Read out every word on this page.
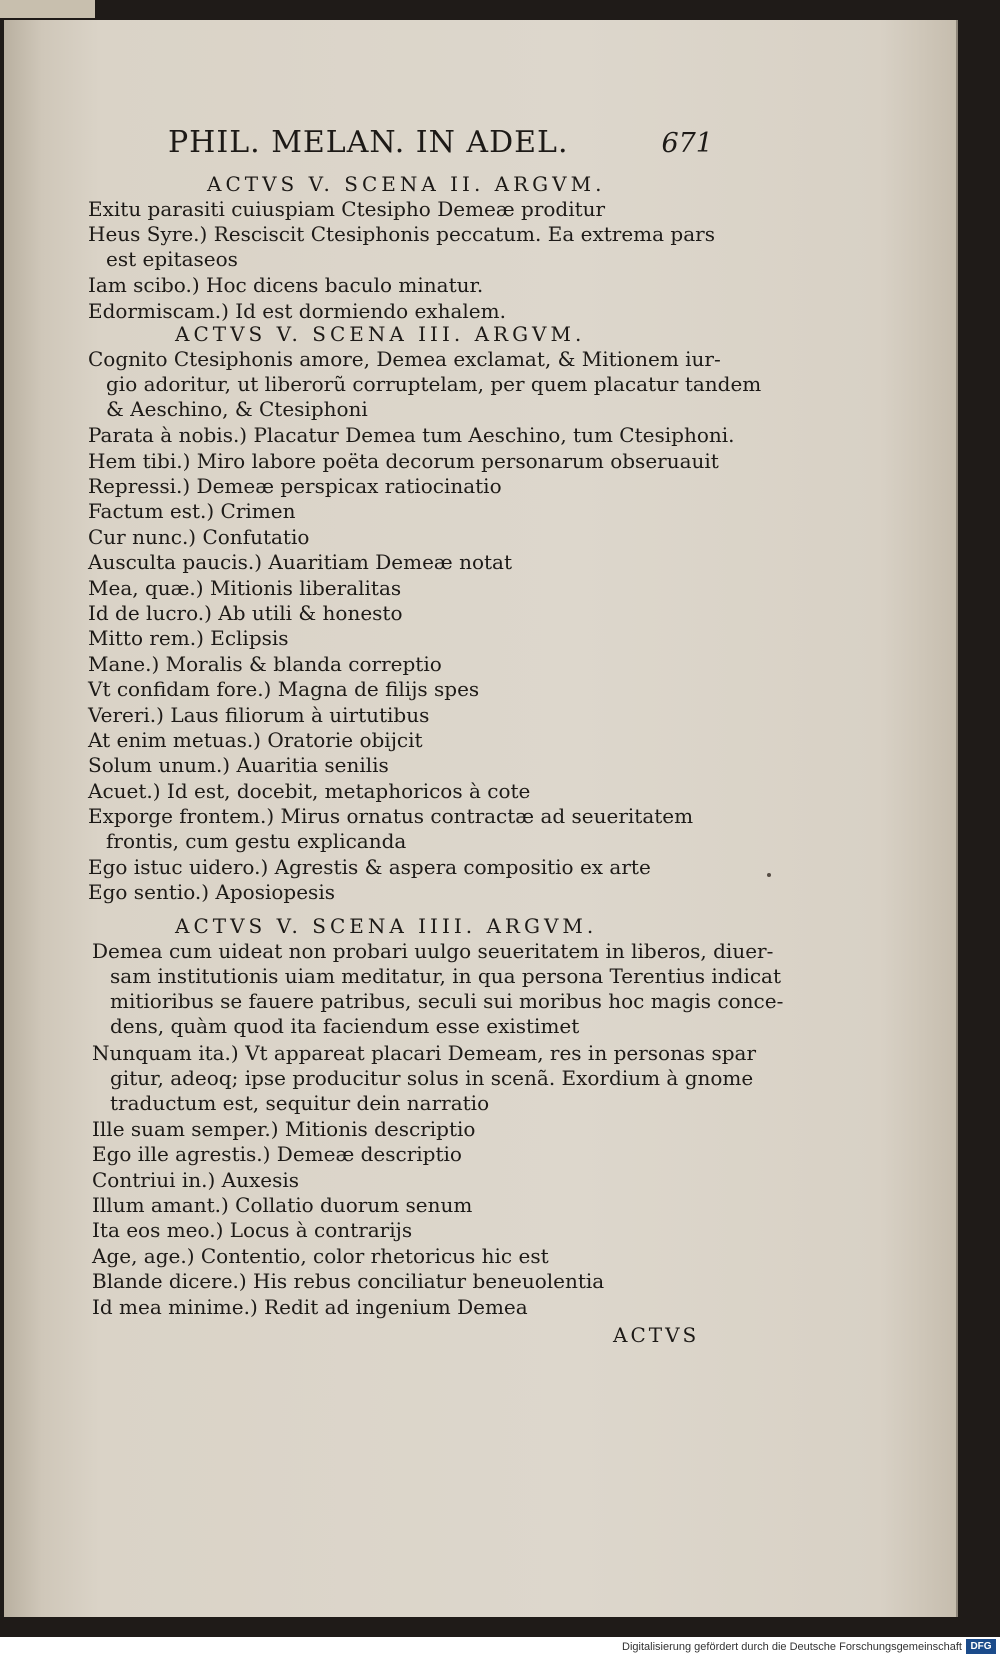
PHIL. MELAN. IN ADEL.	671
ACTVS V. SCENA II. ARGVM.
Exitu parasiti cuiuspiam Ctesipho Demeæ proditur
Heus Syre.) Resciscit Ctesiphonis peccatum. Ea extrema pars
est epitaseos
Iam scibo.) Hoc dicens baculo minatur.
Edormiscam.) Id est dormiendo exhalem.
ACTVS V. SCENA III. ARGVM.
Cognito Ctesiphonis amore, Demea exclamat, & Mitionem iur-
gio adoritur, ut liberorũ corruptelam, per quem placatur tandem
& Aeschino, & Ctesiphoni
Parata à nobis.) Placatur Demea tum Aeschino, tum Ctesiphoni.
Hem tibi.) Miro labore poëta decorum personarum obseruauit
Repressi.) Demeæ perspicax ratiocinatio
Factum est.) Crimen
Cur nunc.) Confutatio
Ausculta paucis.) Auaritiam Demeæ notat
Mea, quæ.) Mitionis liberalitas
Id de lucro.) Ab utili & honesto
Mitto rem.) Eclipsis
Mane.) Moralis & blanda correptio
Vt confidam fore.) Magna de filijs spes
Vereri.) Laus filiorum à uirtutibus
At enim metuas.) Oratorie obijcit
Solum unum.) Auaritia senilis
Acuet.) Id est, docebit, metaphoricos à cote
Exporge frontem.) Mirus ornatus contractæ ad seueritatem
frontis, cum gestu explicanda
Ego istuc uidero.) Agrestis & aspera compositio ex arte
Ego sentio.) Aposiopesis
ACTVS V. SCENA IIII. ARGVM.
Demea cum uideat non probari uulgo seueritatem in liberos, diuer-
sam institutionis uiam meditatur, in qua persona Terentius indicat
mitioribus se fauere patribus, seculi sui moribus hoc magis conce-
dens, quàm quod ita faciendum esse existimet
Nunquam ita.) Vt appareat placari Demeam, res in personas spar
gitur, adeoq; ipse producitur solus in scenã. Exordium à gnome
traductum est, sequitur dein narratio
Ille suam semper.) Mitionis descriptio
Ego ille agrestis.) Demeæ descriptio
Contriui in.) Auxesis
Illum amant.) Collatio duorum senum
Ita eos meo.) Locus à contrarijs
Age, age.) Contentio, color rhetoricus hic est
Blande dicere.) His rebus conciliatur beneuolentia
Id mea minime.) Redit ad ingenium Demea
ACTVS
Digitalisierung gefördert durch die Deutsche Forschungsgemeinschaft DFG
